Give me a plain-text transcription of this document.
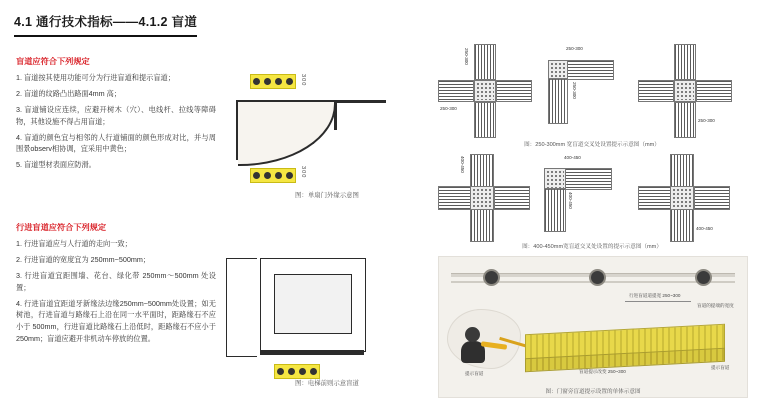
4.1 通行技术指标——4.1.2 盲道
盲道应符合下列规定
1. 盲道按其使用功能可分为行进盲道和提示盲道；
2. 盲道的纹路凸出路面4mm 高；
3. 盲道铺设应连续，应避开树木（穴）、电线杆、拉线等障碍物，其他设施不得占用盲道；
4. 盲道的颜色宜与相邻的人行道铺面的颜色形成对比，并与周围景observ相协调，宜采用中黄色；
5. 盲道型材表面应防滑。
行进盲道应符合下列规定
1. 行进盲道应与人行道的走向一致；
2. 行进盲道的宽度宜为 250mm~500mm；
3. 行进盲道宜距围墙、花台、绿化带 250mm～500mm 处设置；
4. 行进盲道宜距道牙新缘法边缘250mm~500mm处设置；如无树池，行进盲道与路缘石上沿在同一水平面时，距路缘石不应小于 500mm，行进盲道比路缘石上沿低时，距路缘石不应小于250mm；盲道应避开非机动车停放的位置。
300
300
图：单扇门外缘示意图
图：电梯前则示意盲道
250-300
250-300
250-300
250-300
250-300
图：250-300mm 宽盲道交叉处设置提示示意图（mm）
400-450	400-450
400-450
400-450
图：400-450mm宽盲道交叉处设置的提示示意图（mm）
行进盲道道提宽 250~300
盲道的提端的宽度
提示盲道	盲道提示改变 250~300
提示盲道
图：门窗旁盲道提示设置的单体示意图
